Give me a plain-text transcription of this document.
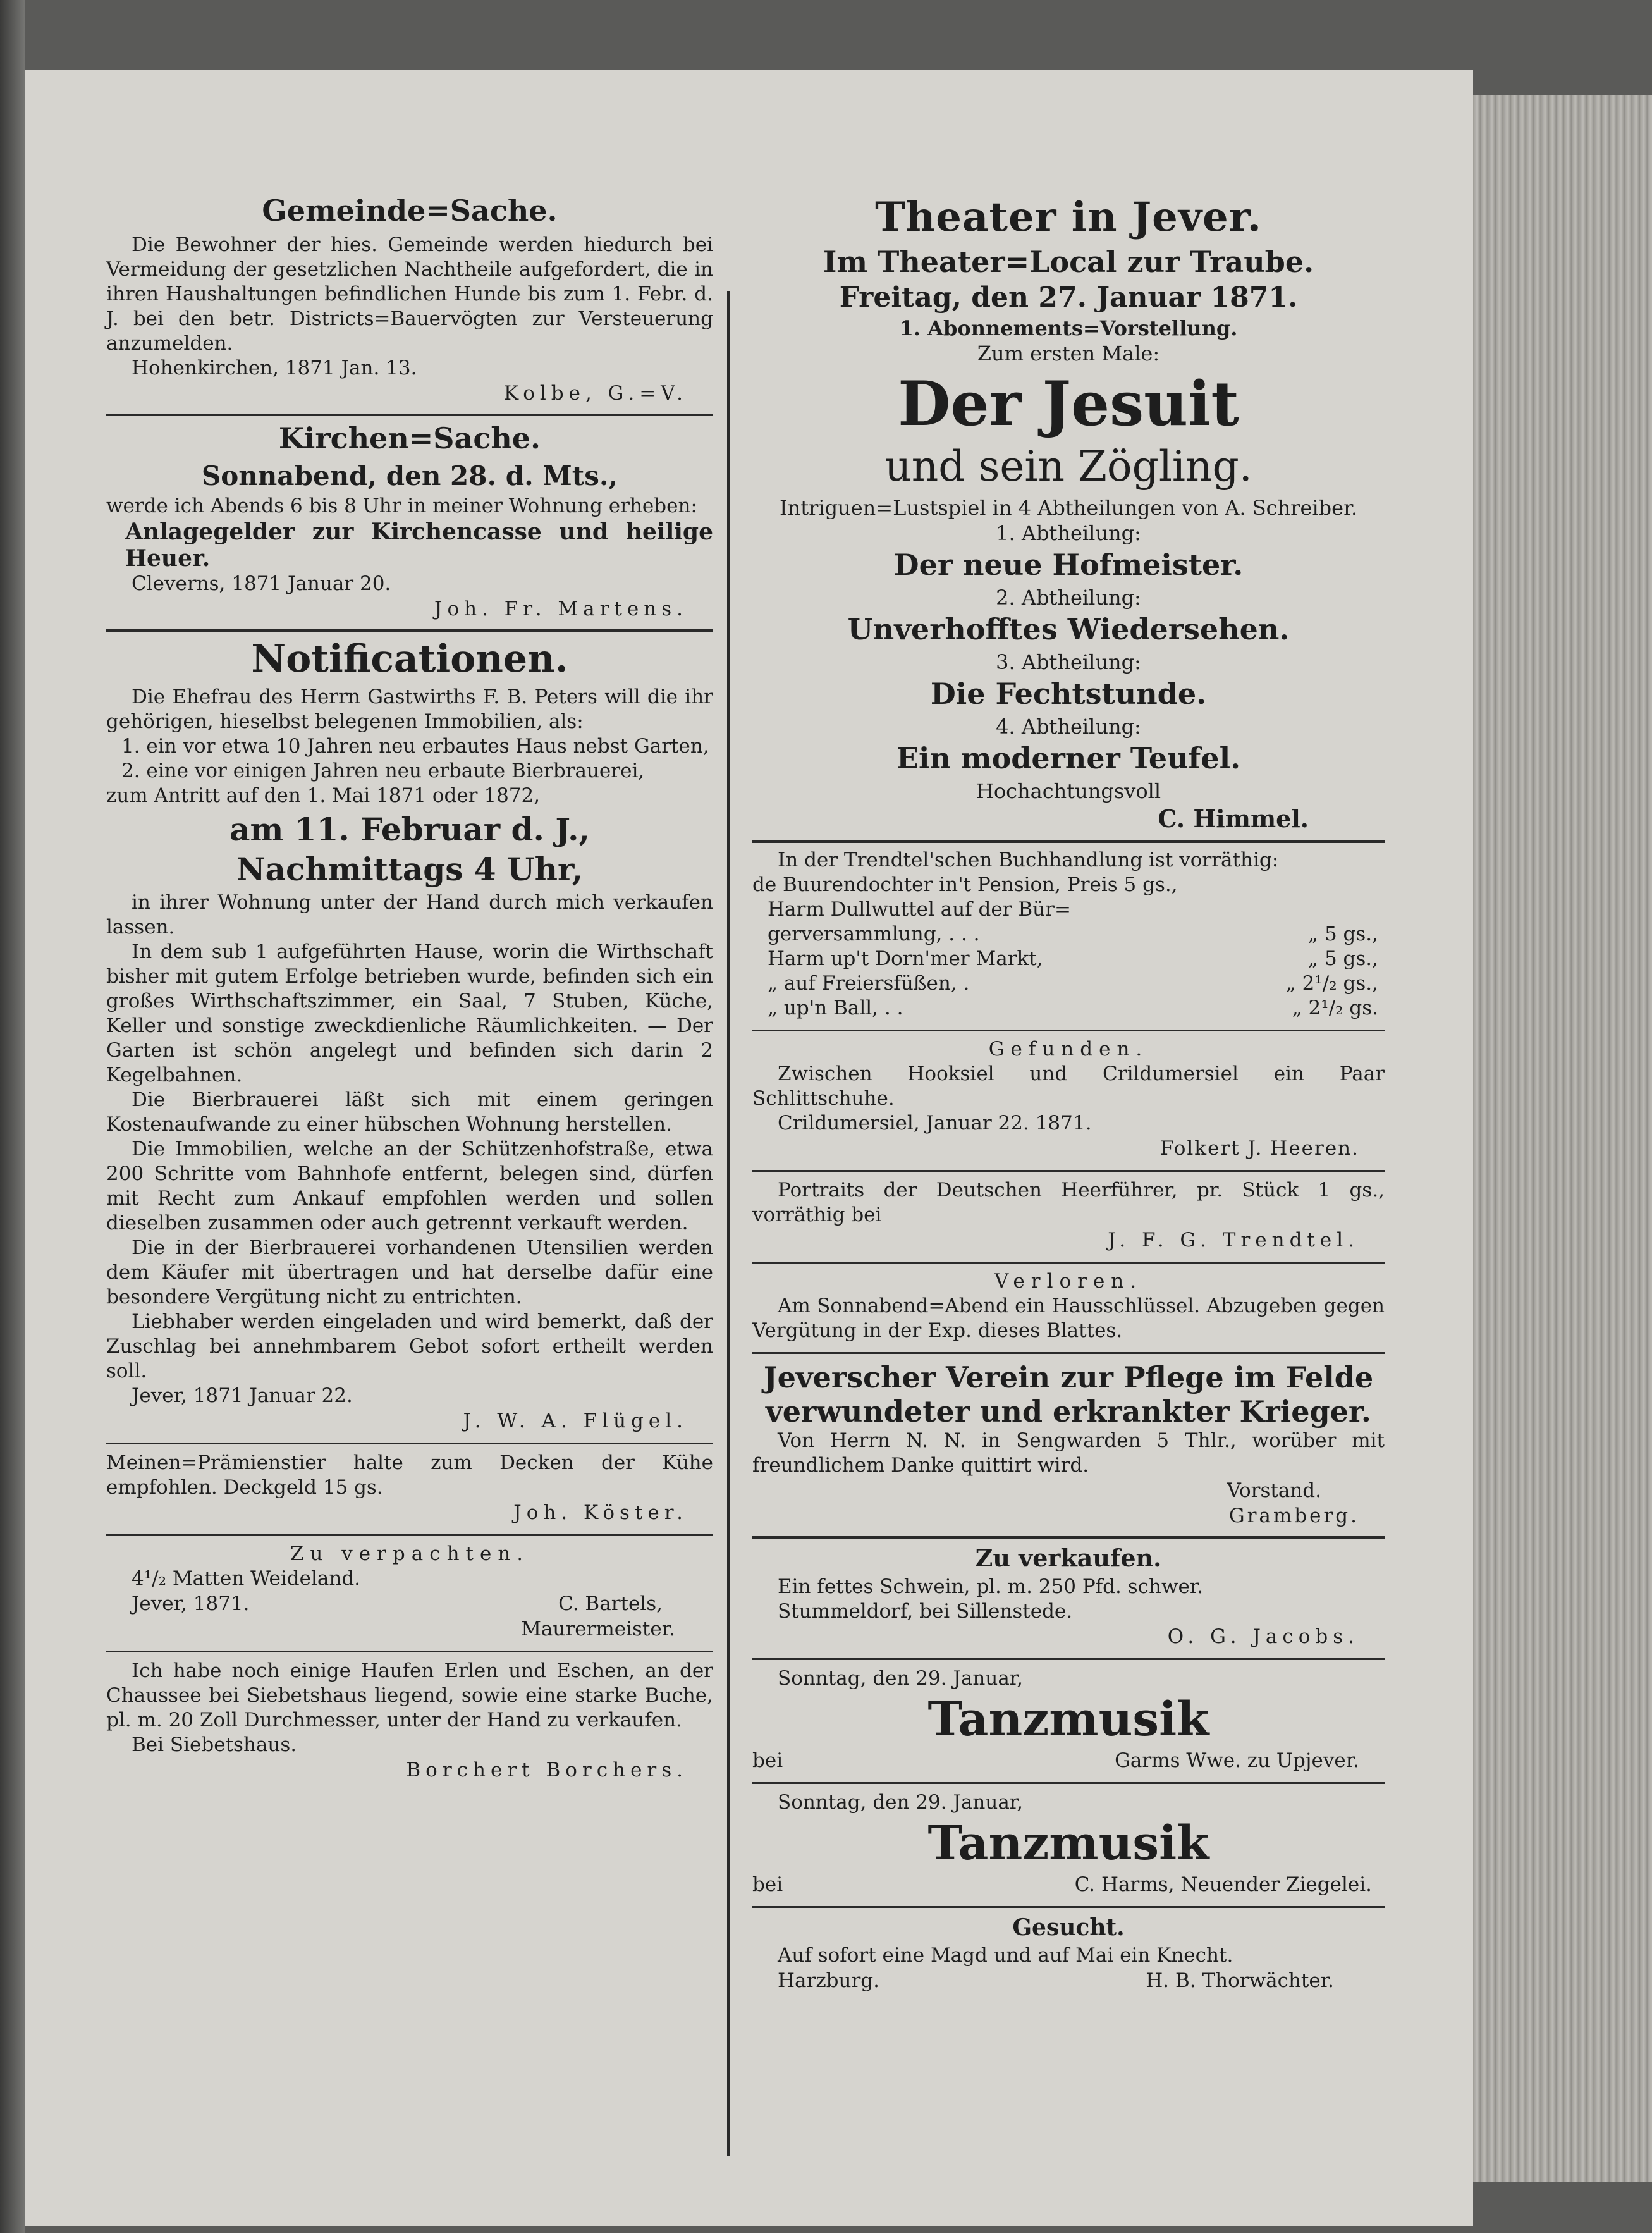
Gemeinde=Sache.

Die Bewohner der hies. Gemeinde werden hiedurch bei Vermeidung der gesetzlichen Nachtheile aufgefordert, die in ihren Haushaltungen befindlichen Hunde bis zum 1. Febr. d. J. bei den betr. Districts=Bauervögten zur Versteuerung anzumelden.

Hohenkirchen, 1871 Jan. 13.

Kolbe, G.=V.
Kirchen=Sache.
Sonnabend, den 28. d. Mts.,

werde ich Abends 6 bis 8 Uhr in meiner Wohnung erheben:

Anlagegelder zur Kirchencasse und heilige Heuer.

Cleverns, 1871 Januar 20.

Joh. Fr. Martens.
Notificationen.

Die Ehefrau des Herrn Gastwirths F. B. Peters will die ihr gehörigen, hieselbst belegenen Immobilien, als:

1. ein vor etwa 10 Jahren neu erbautes Haus nebst Garten,

2. eine vor einigen Jahren neu erbaute Bierbrauerei,

zum Antritt auf den 1. Mai 1871 oder 1872,

am 11. Februar d. J.,
Nachmittags 4 Uhr,

in ihrer Wohnung unter der Hand durch mich verkaufen lassen.

In dem sub 1 aufgeführten Hause, worin die Wirthschaft bisher mit gutem Erfolge betrieben wurde, befinden sich ein großes Wirthschaftszimmer, ein Saal, 7 Stuben, Küche, Keller und sonstige zweckdienliche Räumlichkeiten. — Der Garten ist schön angelegt und befinden sich darin 2 Kegelbahnen.

Die Bierbrauerei läßt sich mit einem geringen Kostenaufwande zu einer hübschen Wohnung herstellen.

Die Immobilien, welche an der Schützenhofstraße, etwa 200 Schritte vom Bahnhofe entfernt, belegen sind, dürfen mit Recht zum Ankauf empfohlen werden und sollen dieselben zusammen oder auch getrennt verkauft werden.

Die in der Bierbrauerei vorhandenen Utensilien werden dem Käufer mit übertragen und hat derselbe dafür eine besondere Vergütung nicht zu entrichten.

Liebhaber werden eingeladen und wird bemerkt, daß der Zuschlag bei annehmbarem Gebot sofort ertheilt werden soll.

Jever, 1871 Januar 22.

J. W. A. Flügel.

Meinen=Prämienstier halte zum Decken der Kühe empfohlen. Deckgeld 15 gs.

Joh. Köster.
Zu verpachten.

4¹/₂ Matten Weideland.

Jever, 1871.	C. Bartels,
Maurermeister.

Ich habe noch einige Haufen Erlen und Eschen, an der Chaussee bei Siebetshaus liegend, sowie eine starke Buche, pl. m. 20 Zoll Durchmesser, unter der Hand zu verkaufen.

Bei Siebetshaus.

Borchert Borchers.
Theater in Jever.
Im Theater=Local zur Traube.
Freitag, den 27. Januar 1871.
1. Abonnements=Vorstellung.
Zum ersten Male:
Der Jesuit
und sein Zögling.
Intriguen=Lustspiel in 4 Abtheilungen von A. Schreiber.
1. Abtheilung:
Der neue Hofmeister.
2. Abtheilung:
Unverhofftes Wiedersehen.
3. Abtheilung:
Die Fechtstunde.
4. Abtheilung:
Ein moderner Teufel.
Hochachtungsvoll
C. Himmel.

In der Trendtel'schen Buchhandlung ist vorräthig:

de Buurendochter in't Pension, Preis 5 gs.,

Harm Dullwuttel auf der Bür=

gerversammlung, . . .	„ 5 gs.,
Harm up't Dorn'mer Markt,	„ 5 gs.,
„ auf Freiersfüßen, .	„ 2¹/₂ gs.,
„ up'n Ball, . .	„ 2¹/₂ gs.
Gefunden.

Zwischen Hooksiel und Crildumersiel ein Paar Schlittschuhe.

Crildumersiel, Januar 22. 1871.

Folkert J. Heeren.

Portraits der Deutschen Heerführer, pr. Stück 1 gs., vorräthig bei

J. F. G. Trendtel.
Verloren.

Am Sonnabend=Abend ein Hausschlüssel. Abzugeben gegen Vergütung in der Exp. dieses Blattes.

Jeverscher Verein zur Pflege im Felde
verwundeter und erkrankter Krieger.

Von Herrn N. N. in Sengwarden 5 Thlr., worüber mit freundlichem Danke quittirt wird.

Vorstand.
Gramberg.
Zu verkaufen.

Ein fettes Schwein, pl. m. 250 Pfd. schwer.

Stummeldorf, bei Sillenstede.

O. G. Jacobs.

Sonntag, den 29. Januar,

Tanzmusik
bei	Garms Wwe. zu Upjever.

Sonntag, den 29. Januar,

Tanzmusik
bei	C. Harms, Neuender Ziegelei.
Gesucht.

Auf sofort eine Magd und auf Mai ein Knecht.

Harzburg.	H. B. Thorwächter.
